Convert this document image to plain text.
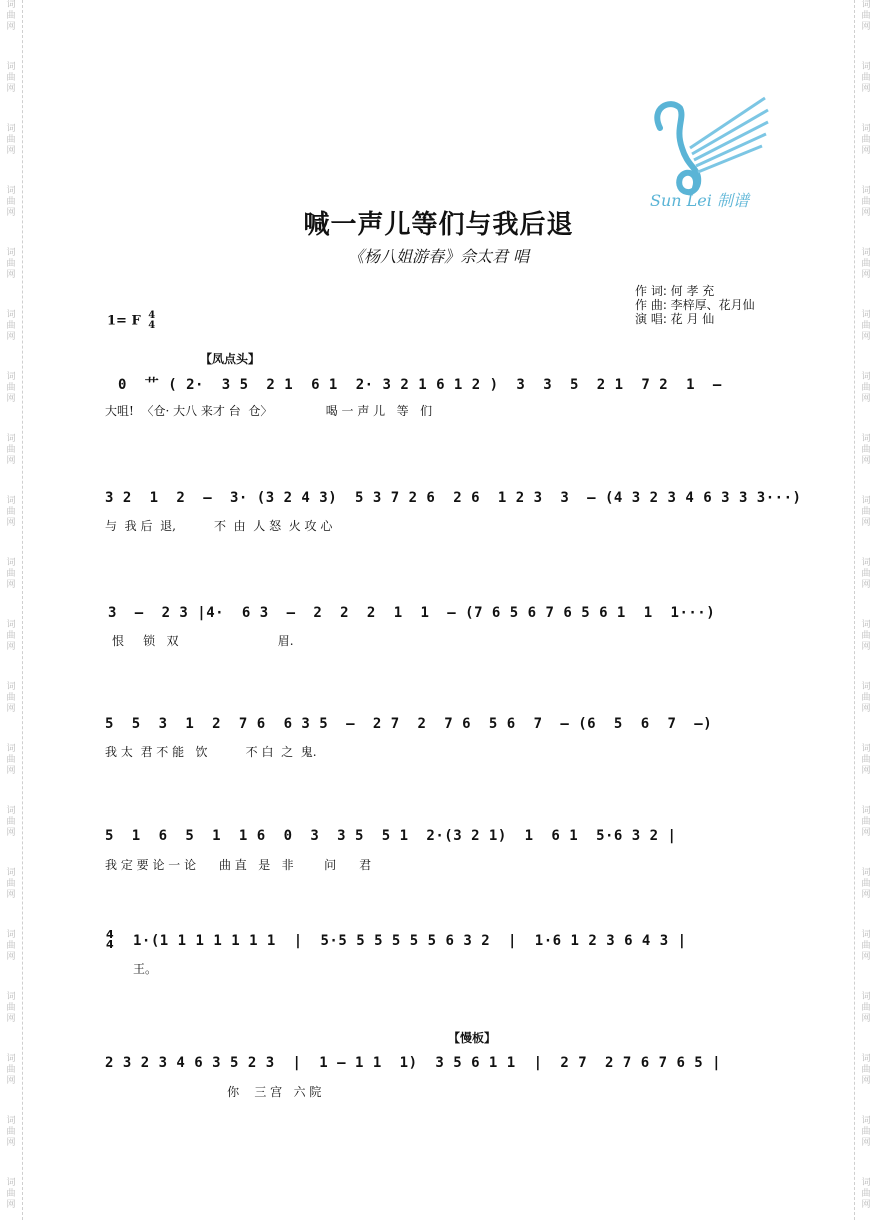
词
曲
网
词
曲
网
词
曲
网
词
曲
网
词
曲
网
词
曲
网
词
曲
网
词
曲
网
词
曲
网
词
曲
网
词
曲
网
词
曲
网
词
曲
网
词
曲
网
词
曲
网
词
曲
网
词
曲
网
词
曲
网
词
曲
网
词
曲
网
词
曲
网
词
曲
网
词
曲
网
词
曲
网
词
曲
网
词
曲
网
词
曲
网
词
曲
网
词
曲
网
词
曲
网
词
曲
网
词
曲
网
词
曲
网
词
曲
网
词
曲
网
词
曲
网
词
曲
网
词
曲
网
词
曲
网
词
曲
网
Sun Lei 制谱
喊一声儿等们与我后退
《杨八姐游春》佘太君 唱
作 词: 何 孝 充
作 曲: 李梓厚、花月仙
演 唱: 花 月 仙
1= F 4
4
【凤点头】
0  艹 ( 2·  3 5  2 1  6 1  2· 3 2 1 6 1 2 )  3  3  5  2 1  7 2  1  —
大咀!  〈仓· 大八 来才 台  仓〉              喝 一 声 儿   等   们
3 2  1  2  —  3· (3 2 4 3)  5 3 7 2 6  2 6  1 2 3  3  — (4 3 2 3 4 6 3 3 3···)
与  我 后  退,          不  由  人 怒  火 攻 心
3  —  2 3 |4·  6 3  —  2  2  2  1  1  — (7 6 5 6 7 6 5 6 1  1  1···)
恨     锁   双                          眉.
5  5  3  1  2  7 6  6 3 5  —  2 7  2  7 6  5 6  7  — (6  5  6  7  —)
我 太  君 不 能   饮          不 白  之  鬼.
5  1  6  5  1  1 6  0  3  3 5  5 1  2·(3 2 1)  1  6 1  5·6 3 2 |
我 定 要 论 一 论      曲 直   是   非        问      君
4
4 1·(1 1 1 1 1 1 1  |  5·5 5 5 5 5 5 6 3 2  |  1·6 1 2 3 6 4 3 |
王。
【慢板】
2 3 2 3 4 6 3 5 2 3  |  1 — 1 1  1)  3 5 6 1 1  |  2 7  2 7 6 7 6 5 |
你    三 宫   六 院
